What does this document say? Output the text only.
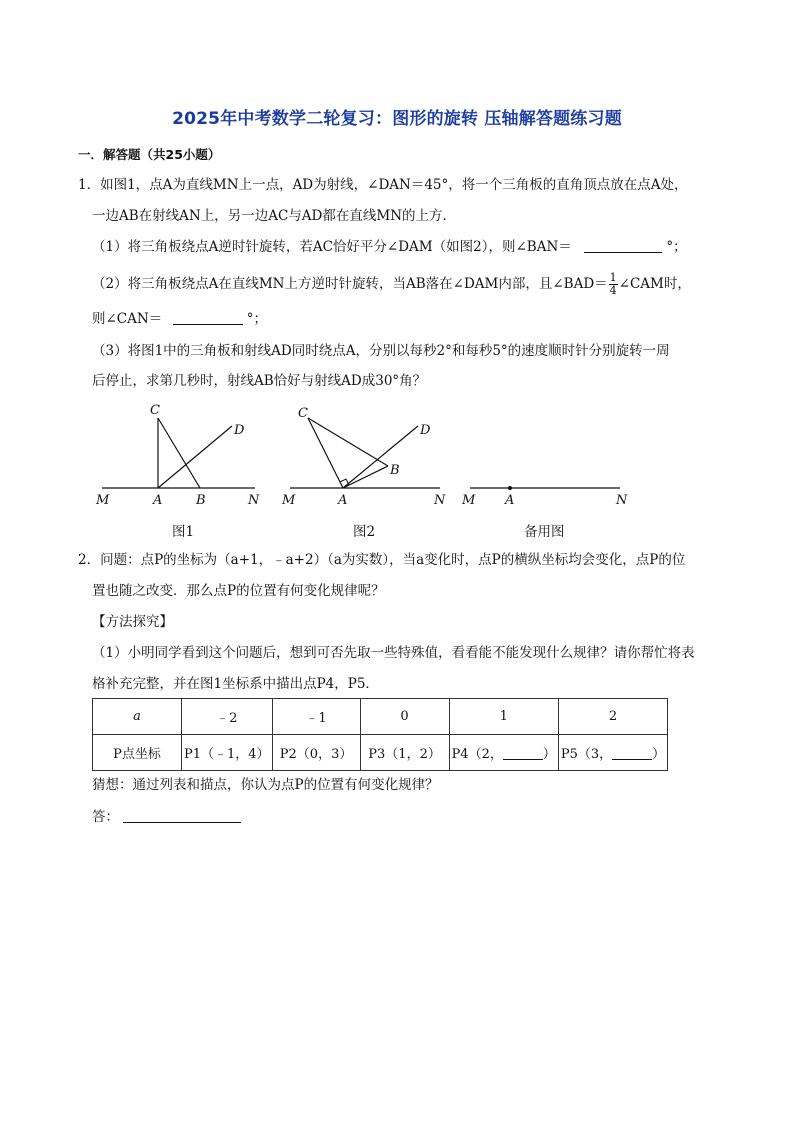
2025年中考数学二轮复习：图形的旋转 压轴解答题练习题
一．解答题（共25小题）
1．如图1，点A为直线MN上一点，AD为射线，∠DAN＝45°，将一个三角板的直角顶点放在点A处，
一边AB在射线AN上，另一边AC与AD都在直线MN的上方．
（1）将三角板绕点A逆时针旋转，若AC恰好平分∠DAM（如图2），则∠BAN＝	°；
（2）将三角板绕点A在直线MN上方逆时针旋转，当AB落在∠DAM内部，且∠BAD＝ $\frac{1}{4}$ ∠CAM时，
则∠CAN＝	°；
（3）将图1中的三角板和射线AD同时绕点A，分别以每秒2°和每秒5°的速度顺时针分别旋转一周
后停止，求第几秒时，射线AB恰好与射线AD成30°角？
C
D
M	A	B	N
图1
C
D
B
M	A	N
图2
M A	N
备用图
2．问题：点P的坐标为（a+1，﹣a+2）（a为实数），当a变化时，点P的横纵坐标均会变化，点P的位
置也随之改变．那么点P的位置有何变化规律呢？
【方法探究】
（1）小明同学看到这个问题后，想到可否先取一些特殊值，看看能不能发现什么规律？请你帮忙将表
格补充完整，并在图1坐标系中描出点P4，P5．
a	﹣2	﹣1	0	1	2
P点坐标	P1（﹣1，4）	P2（0，3）	P3（1，2）	P4（2， ）	P5（3， ）
猜想：通过列表和描点，你认为点P的位置有何变化规律？
答：
